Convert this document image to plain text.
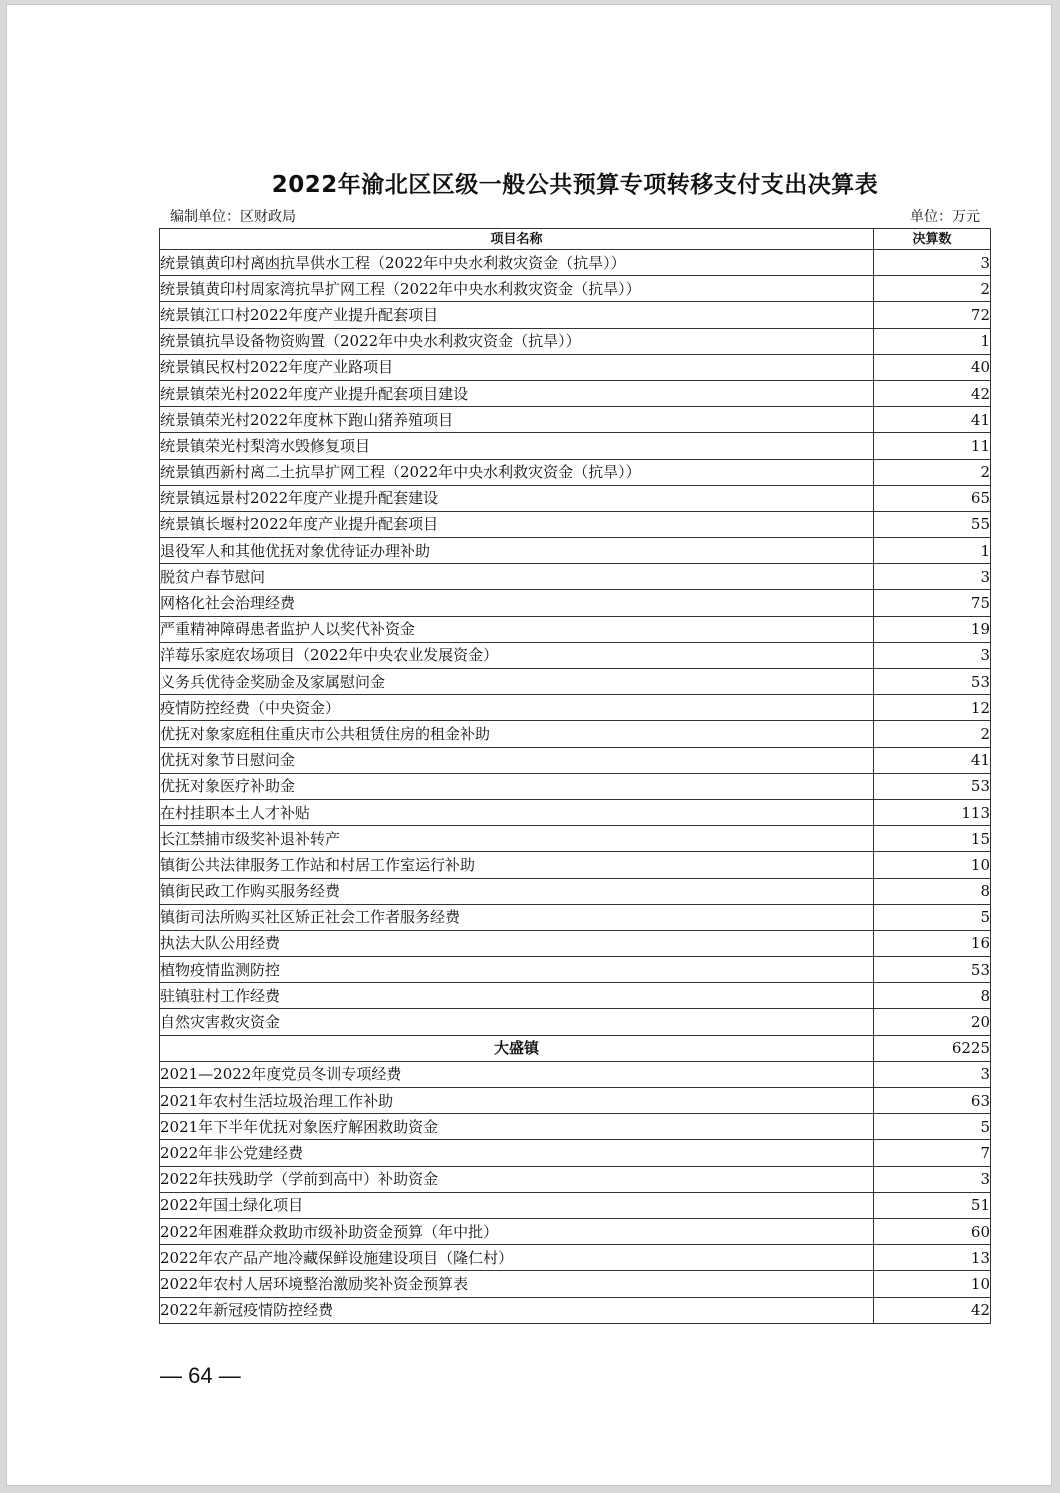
2022年渝北区区级一般公共预算专项转移支付支出决算表
编制单位：区财政局	单位：万元
项目名称	决算数
统景镇黄印村离凼抗旱供水工程（2022年中央水利救灾资金（抗旱））	3
统景镇黄印村周家湾抗旱扩网工程（2022年中央水利救灾资金（抗旱））	2
统景镇江口村2022年度产业提升配套项目	72
统景镇抗旱设备物资购置（2022年中央水利救灾资金（抗旱））	1
统景镇民权村2022年度产业路项目	40
统景镇荣光村2022年度产业提升配套项目建设	42
统景镇荣光村2022年度林下跑山猪养殖项目	41
统景镇荣光村梨湾水毁修复项目	11
统景镇西新村离二土抗旱扩网工程（2022年中央水利救灾资金（抗旱））	2
统景镇远景村2022年度产业提升配套建设	65
统景镇长堰村2022年度产业提升配套项目	55
退役军人和其他优抚对象优待证办理补助	1
脱贫户春节慰问	3
网格化社会治理经费	75
严重精神障碍患者监护人以奖代补资金	19
洋莓乐家庭农场项目（2022年中央农业发展资金）	3
义务兵优待金奖励金及家属慰问金	53
疫情防控经费（中央资金）	12
优抚对象家庭租住重庆市公共租赁住房的租金补助	2
优抚对象节日慰问金	41
优抚对象医疗补助金	53
在村挂职本土人才补贴	113
长江禁捕市级奖补退补转产	15
镇街公共法律服务工作站和村居工作室运行补助	10
镇街民政工作购买服务经费	8
镇街司法所购买社区矫正社会工作者服务经费	5
执法大队公用经费	16
植物疫情监测防控	53
驻镇驻村工作经费	8
自然灾害救灾资金	20
大盛镇	6225
2021—2022年度党员冬训专项经费	3
2021年农村生活垃圾治理工作补助	63
2021年下半年优抚对象医疗解困救助资金	5
2022年非公党建经费	7
2022年扶残助学（学前到高中）补助资金	3
2022年国土绿化项目	51
2022年困难群众救助市级补助资金预算（年中批）	60
2022年农产品产地冷藏保鲜设施建设项目（隆仁村）	13
2022年农村人居环境整治激励奖补资金预算表	10
2022年新冠疫情防控经费	42
— 64 —
